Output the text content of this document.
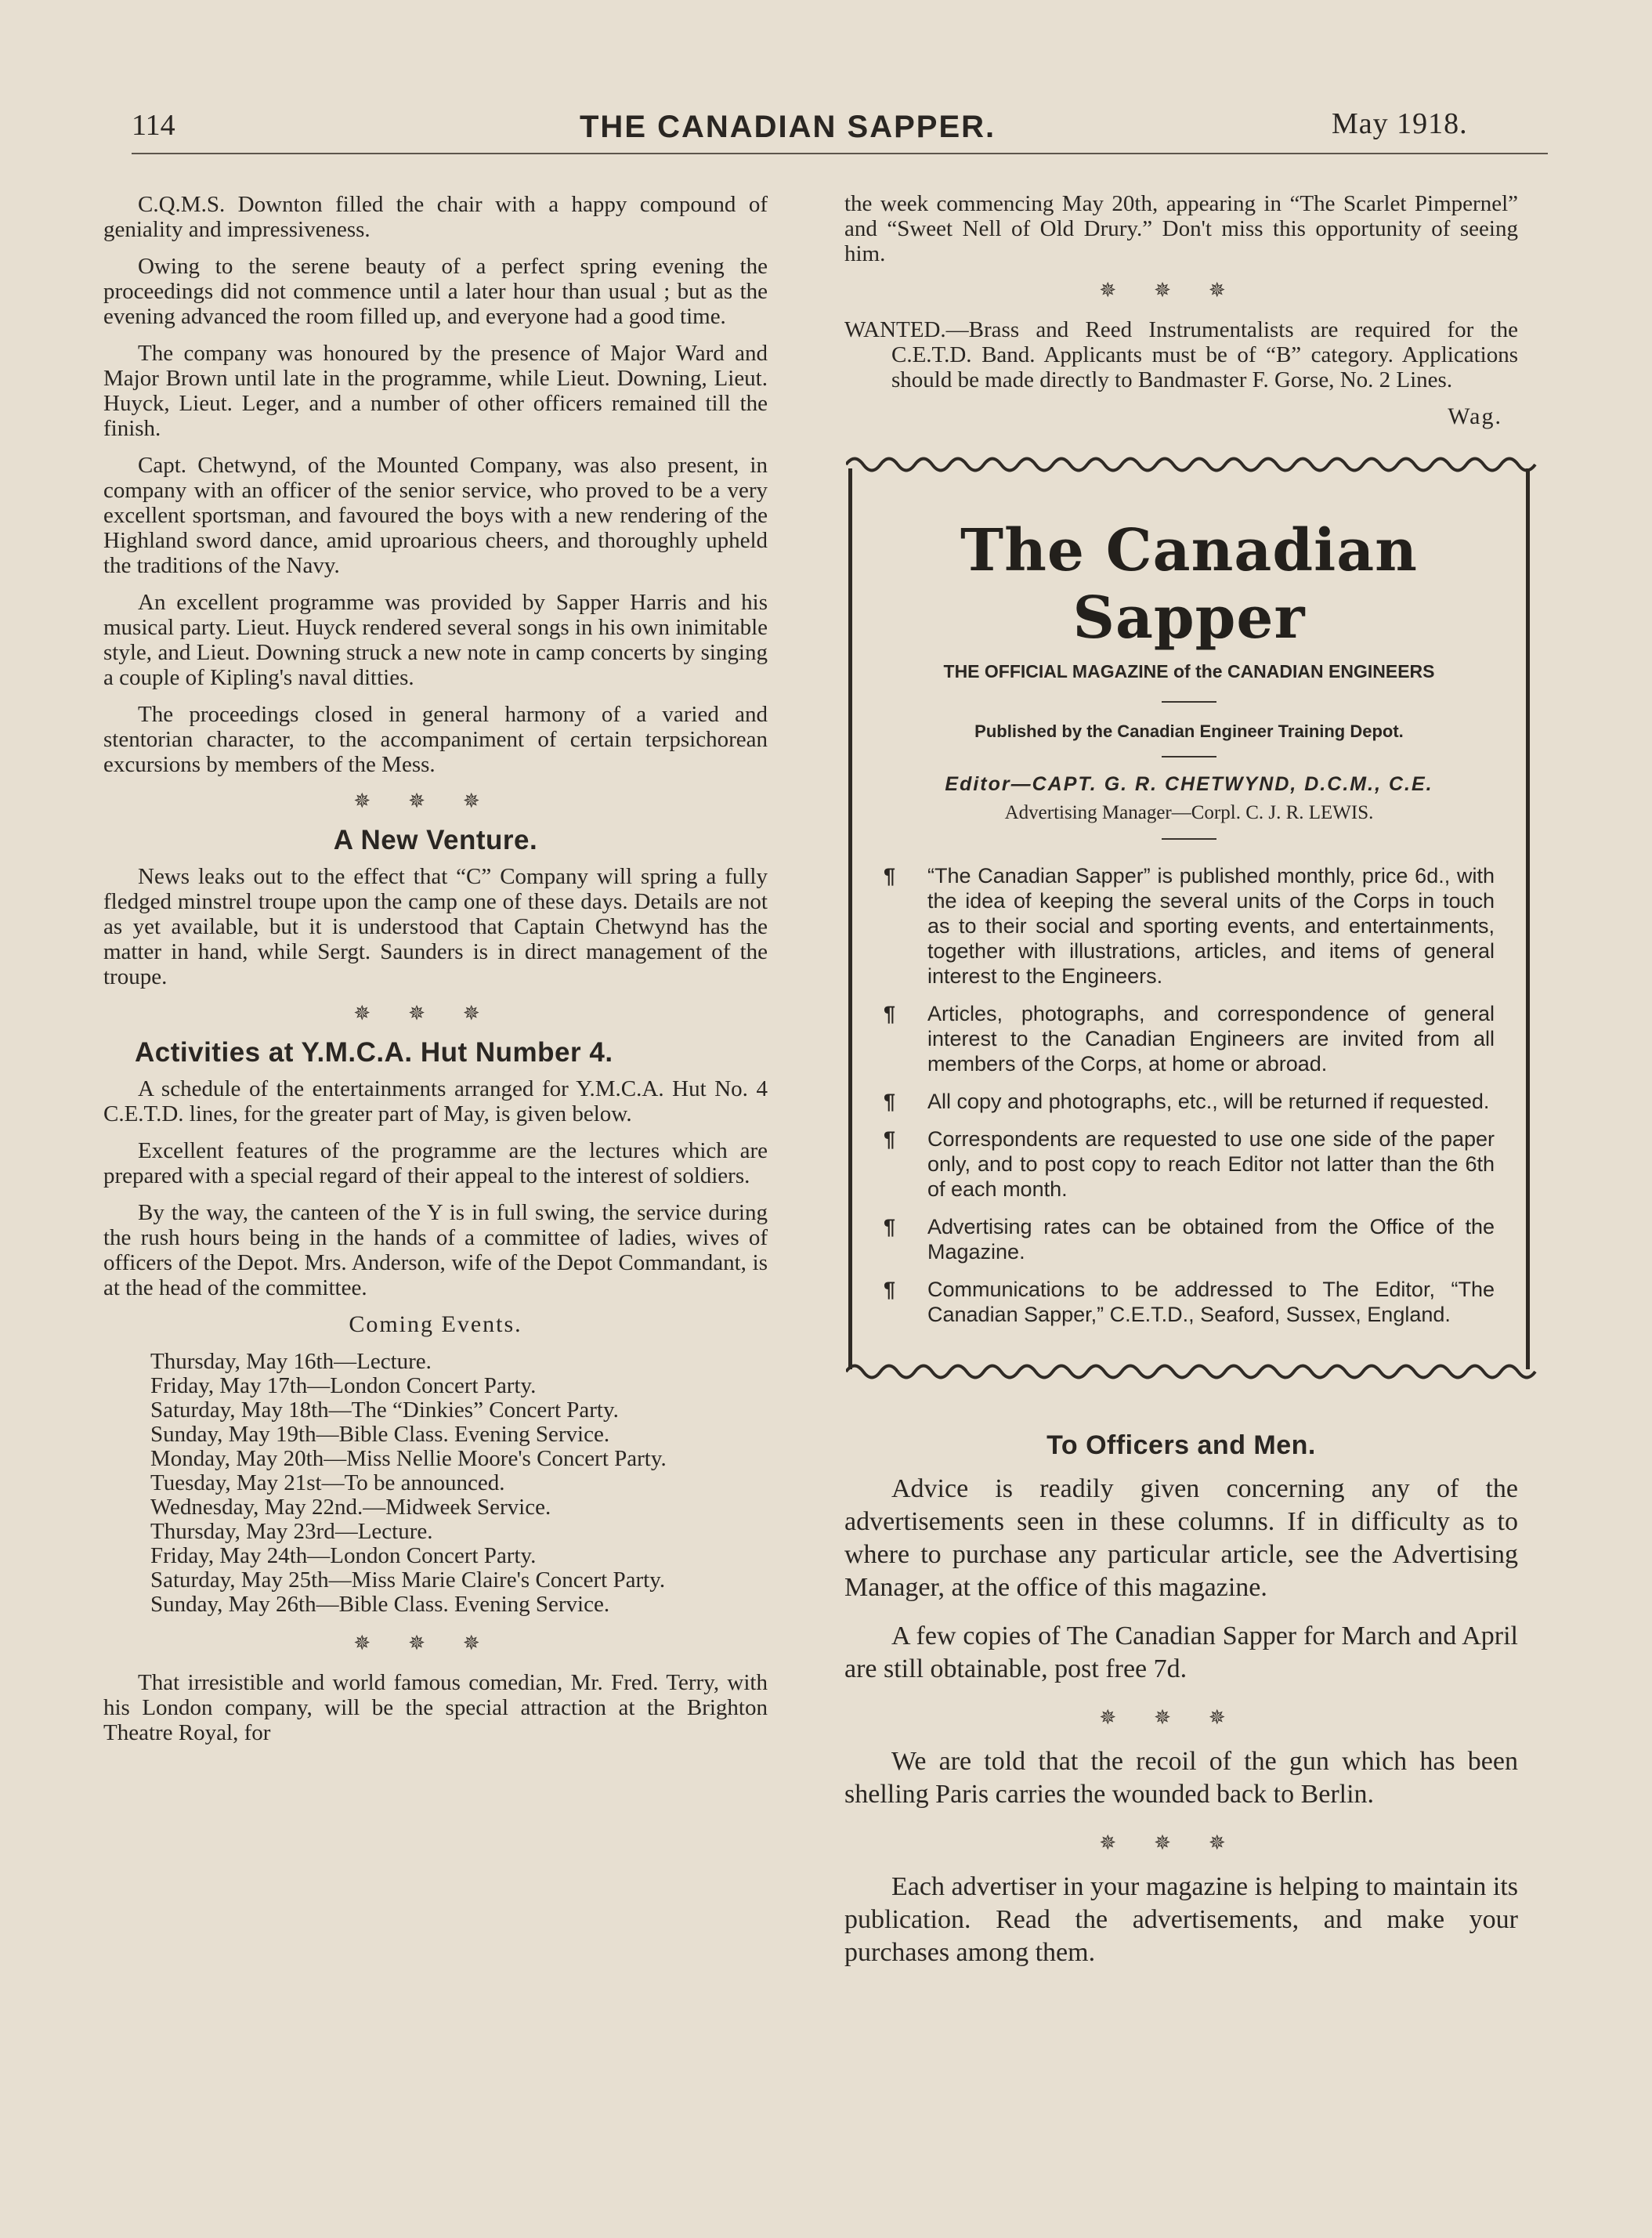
114	THE CANADIAN SAPPER.	May 1918.

C.Q.M.S. Downton filled the chair with a happy compound of geniality and impressiveness.

Owing to the serene beauty of a perfect spring evening the proceedings did not commence until a later hour than usual ; but as the evening advanced the room filled up, and everyone had a good time.

The company was honoured by the presence of Major Ward and Major Brown until late in the programme, while Lieut. Downing, Lieut. Huyck, Lieut. Leger, and a number of other officers remained till the finish.

Capt. Chetwynd, of the Mounted Company, was also present, in company with an officer of the senior service, who proved to be a very excellent sportsman, and favoured the boys with a new rendering of the Highland sword dance, amid uproarious cheers, and thoroughly upheld the traditions of the Navy.

An excellent programme was provided by Sapper Harris and his musical party. Lieut. Huyck rendered several songs in his own inimitable style, and Lieut. Downing struck a new note in camp concerts by singing a couple of Kipling's naval ditties.

The proceedings closed in general harmony of a varied and stentorian character, to the accompaniment of certain terpsichorean excursions by members of the Mess.

✵✵✵
A New Venture.

News leaks out to the effect that “C” Company will spring a fully fledged minstrel troupe upon the camp one of these days. Details are not as yet available, but it is understood that Captain Chetwynd has the matter in hand, while Sergt. Saunders is in direct management of the troupe.

✵✵✵
Activities at Y.M.C.A. Hut Number 4.

A schedule of the entertainments arranged for Y.M.C.A. Hut No. 4 C.E.T.D. lines, for the greater part of May, is given below.

Excellent features of the programme are the lectures which are prepared with a special regard of their appeal to the interest of soldiers.

By the way, the canteen of the Y is in full swing, the service during the rush hours being in the hands of a committee of ladies, wives of officers of the Depot. Mrs. Anderson, wife of the Depot Commandant, is at the head of the committee.

Coming Events.
Thursday, May 16th—Lecture.
Friday, May 17th—London Concert Party.
Saturday, May 18th—The “Dinkies” Concert Party.
Sunday, May 19th—Bible Class. Evening Service.
Monday, May 20th—Miss Nellie Moore's Concert Party.
Tuesday, May 21st—To be announced.
Wednesday, May 22nd.—Midweek Service.
Thursday, May 23rd—Lecture.
Friday, May 24th—London Concert Party.
Saturday, May 25th—Miss Marie Claire's Concert Party.
Sunday, May 26th—Bible Class. Evening Service.
✵✵✵

That irresistible and world famous comedian, Mr. Fred. Terry, with his London company, will be the special attraction at the Brighton Theatre Royal, for

the week commencing May 20th, appearing in “The Scarlet Pimpernel” and “Sweet Nell of Old Drury.” Don't miss this opportunity of seeing him.

✵✵✵

WANTED.—Brass and Reed Instrumentalists are required for the C.E.T.D. Band. Applicants must be of “B” category. Applications should be made directly to Bandmaster F. Gorse, No. 2 Lines.

Wag.
The Canadian Sapper
THE OFFICIAL MAGAZINE of the CANADIAN ENGINEERS
Published by the Canadian Engineer Training Depot.
Editor—CAPT. G. R. CHETWYND, D.C.M., C.E.
Advertising Manager—Corpl. C. J. R. LEWIS.
¶ “The Canadian Sapper” is published monthly, price 6d., with the idea of keeping the several units of the Corps in touch as to their social and sporting events, and entertainments, together with illustrations, articles, and items of general interest to the Engineers.
¶ Articles, photographs, and correspondence of general interest to the Canadian Engineers are invited from all members of the Corps, at home or abroad.
¶ All copy and photographs, etc., will be returned if requested.
¶ Correspondents are requested to use one side of the paper only, and to post copy to reach Editor not latter than the 6th of each month.
¶ Advertising rates can be obtained from the Office of the Magazine.
¶ Communications to be addressed to The Editor, “The Canadian Sapper,” C.E.T.D., Seaford, Sussex, England.
To Officers and Men.

Advice is readily given concerning any of the advertisements seen in these columns. If in difficulty as to where to purchase any particular article, see the Advertising Manager, at the office of this magazine.

A few copies of The Canadian Sapper for March and April are still obtainable, post free 7d.

✵✵✵

We are told that the recoil of the gun which has been shelling Paris carries the wounded back to Berlin.

✵✵✵

Each advertiser in your magazine is helping to maintain its publication. Read the advertisements, and make your purchases among them.
